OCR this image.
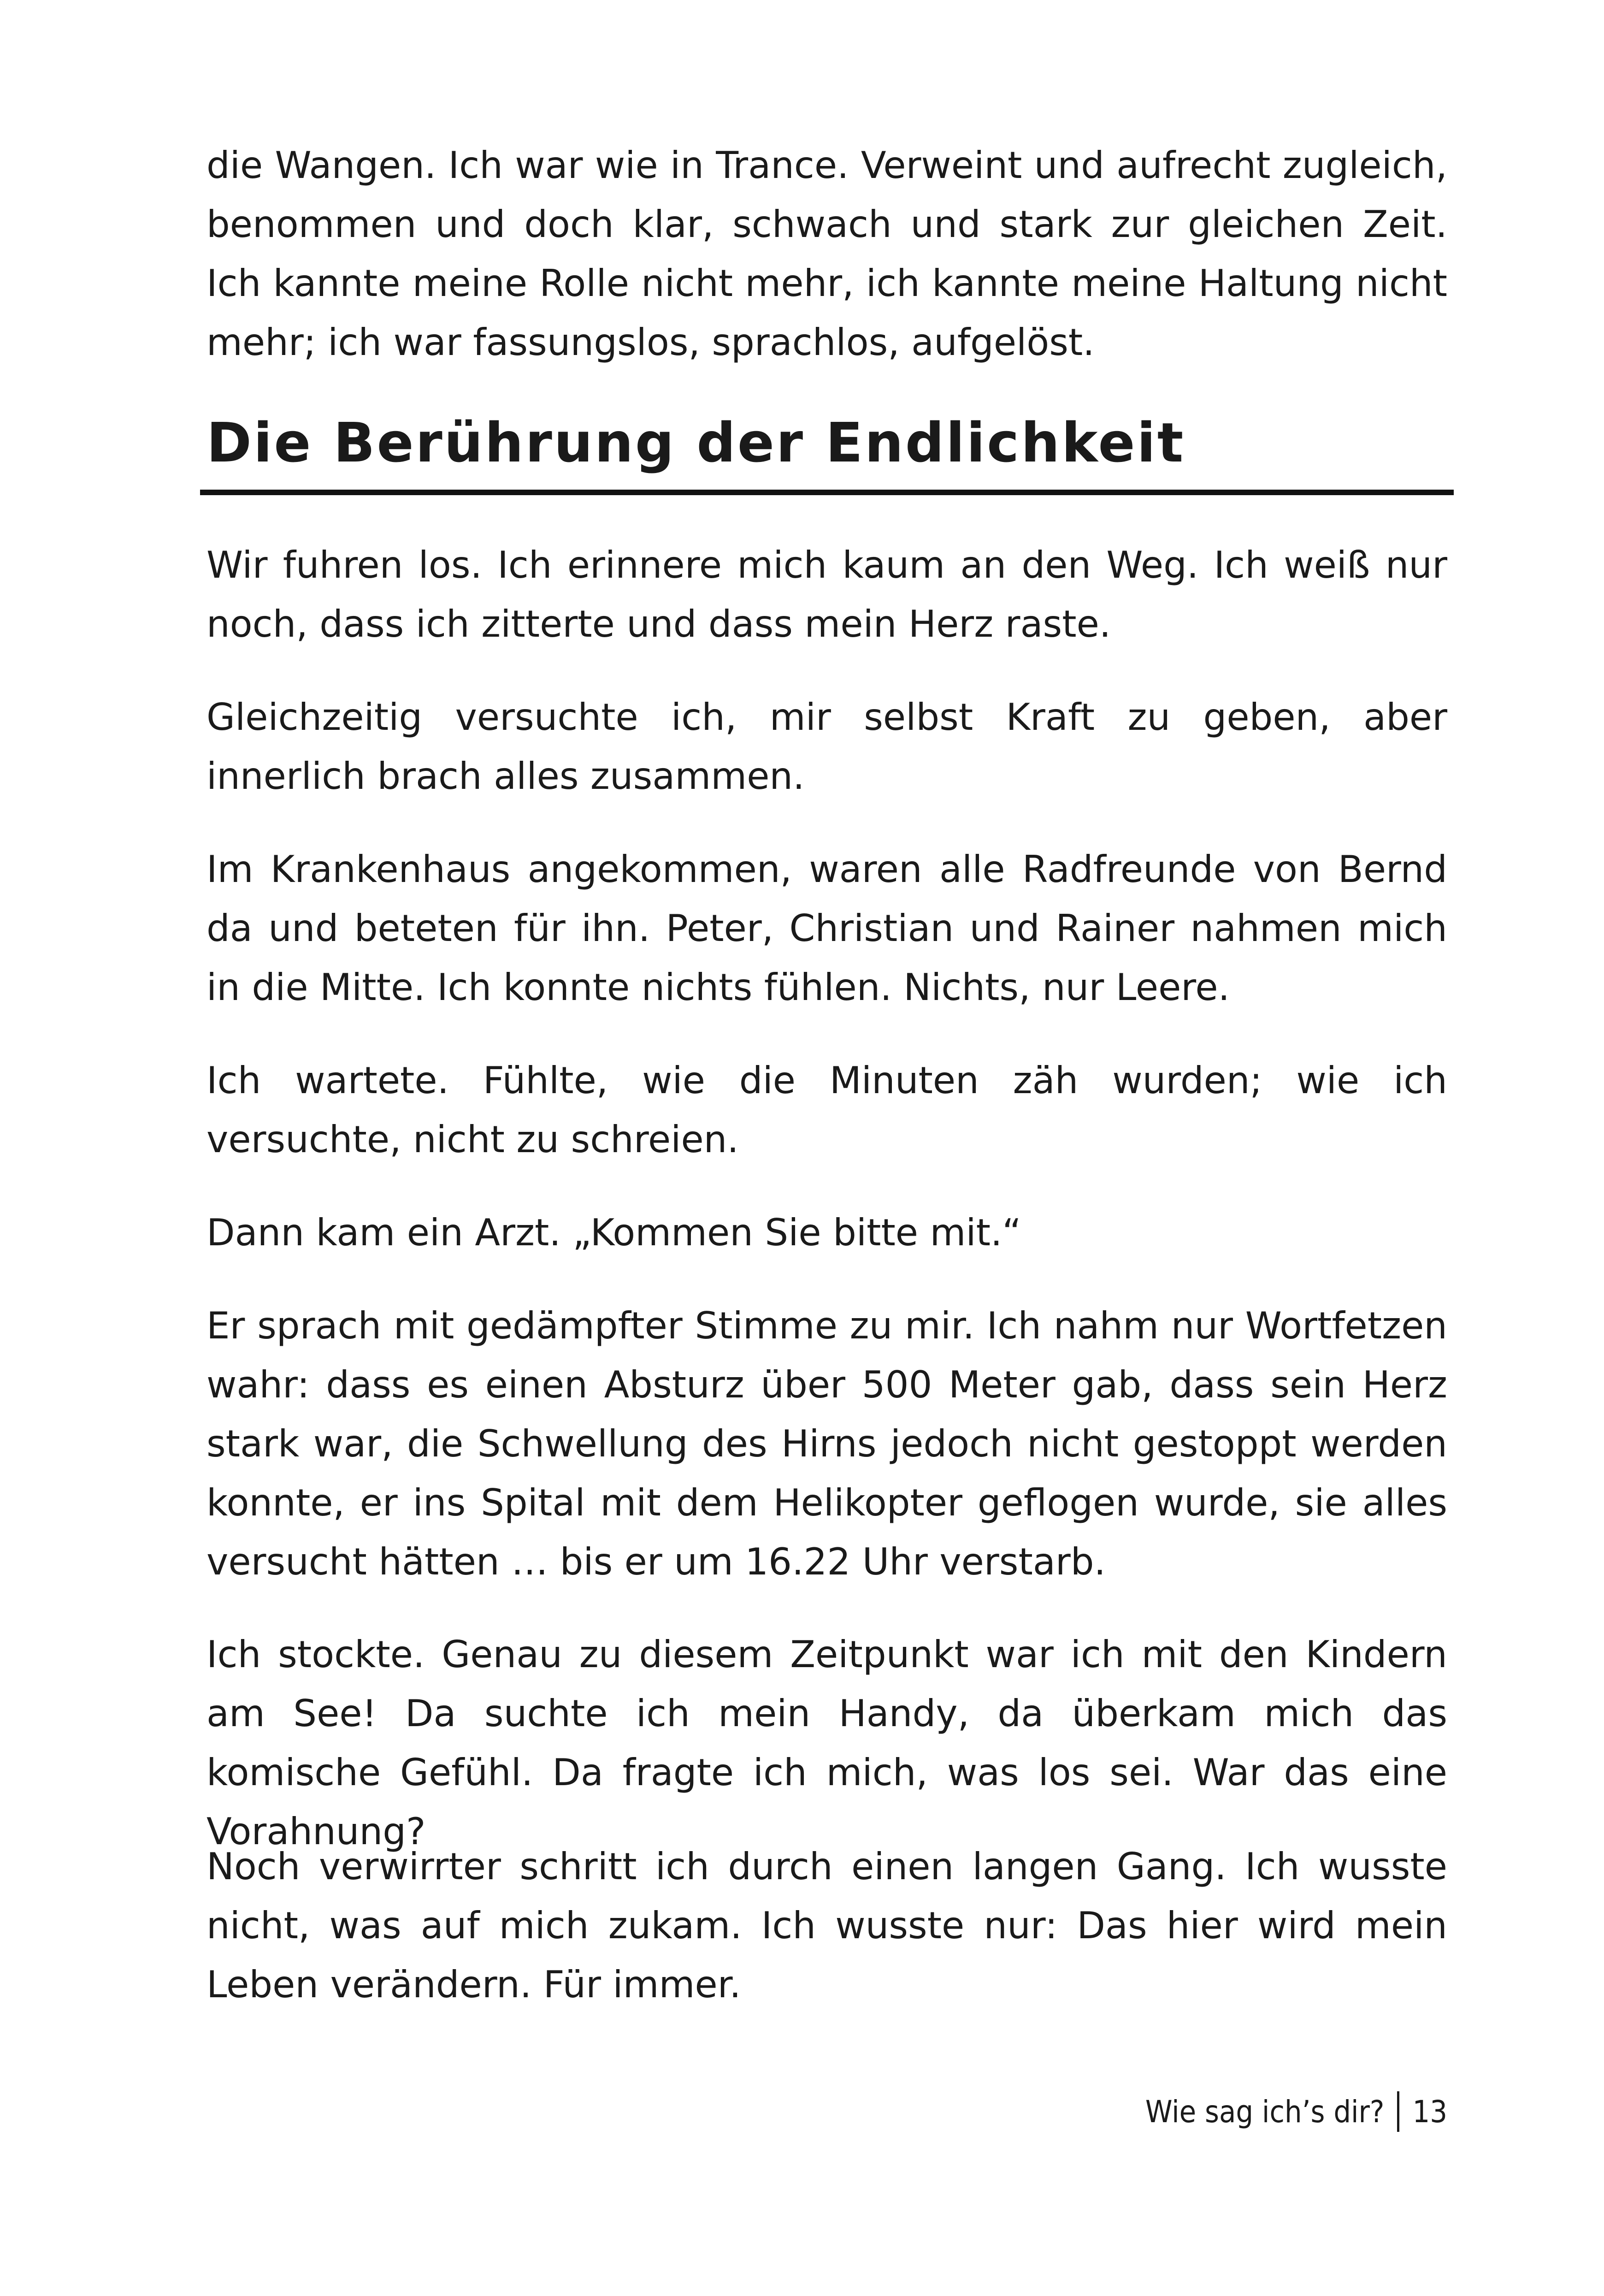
die Wangen. Ich war wie in Trance. Verweint und aufrecht zugleich, benommen und doch klar, schwach und stark zur gleichen Zeit. Ich kannte meine Rolle nicht mehr, ich kannte meine Haltung nicht mehr; ich war fassungslos, sprachlos, aufgelöst.

Die Berührung der Endlichkeit

Wir fuhren los. Ich erinnere mich kaum an den Weg. Ich weiß nur noch, dass ich zitterte und dass mein Herz raste.

Gleichzeitig versuchte ich, mir selbst Kraft zu geben, aber innerlich brach alles zusammen.

Im Krankenhaus angekommen, waren alle Radfreunde von Bernd da und beteten für ihn. Peter, Christian und Rainer nahmen mich in die Mitte. Ich konnte nichts fühlen. Nichts, nur Leere.

Ich wartete. Fühlte, wie die Minuten zäh wurden; wie ich versuchte, nicht zu schreien.

Dann kam ein Arzt. „Kommen Sie bitte mit.“

Er sprach mit gedämpfter Stimme zu mir. Ich nahm nur Wortfetzen wahr: dass es einen Absturz über 500 Meter gab, dass sein Herz stark war, die Schwellung des Hirns jedoch nicht gestoppt werden konnte, er ins Spital mit dem Helikopter geflogen wurde, sie alles versucht hätten … bis er um 16.22 Uhr verstarb.

Ich stockte. Genau zu diesem Zeitpunkt war ich mit den Kindern am See! Da suchte ich mein Handy, da überkam mich das komische Gefühl. Da fragte ich mich, was los sei. War das eine Vorahnung?

Noch verwirrter schritt ich durch einen langen Gang. Ich wusste nicht, was auf mich zukam. Ich wusste nur: Das hier wird mein Leben verändern. Für immer.

Wie sag ich’s dir? 13
